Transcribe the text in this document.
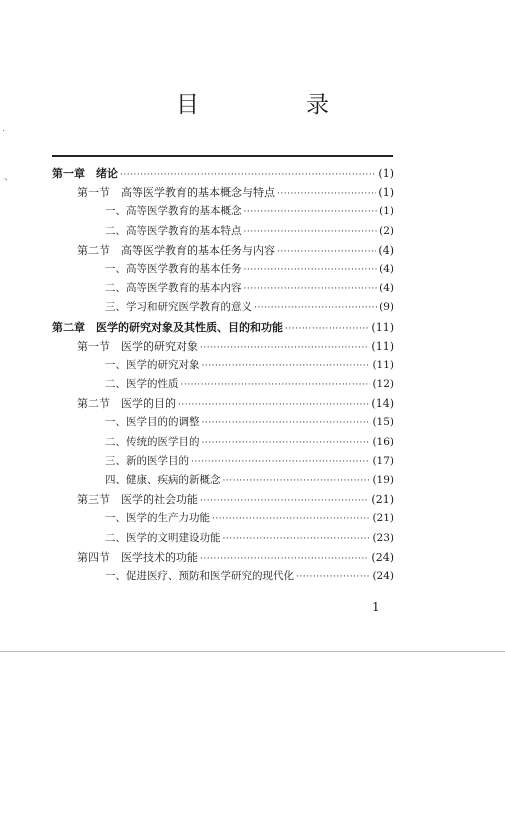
目　录
第一章　绪论 ·····	(1)
第一节　高等医学教育的基本概念与特点 ·····	(1)
一、高等医学教育的基本概念 ·····	(1)
二、高等医学教育的基本特点 ·····	(2)
第二节　高等医学教育的基本任务与内容 ·····	(4)
一、高等医学教育的基本任务 ·····	(4)
二、高等医学教育的基本内容 ·····	(4)
三、学习和研究医学教育的意义 ·····	(9)
第二章　医学的研究对象及其性质、目的和功能 ·····	(11)
第一节　医学的研究对象 ·····	(11)
一、医学的研究对象 ·····	(11)
二、医学的性质 ·····	(12)
第二节　医学的目的 ·····	(14)
一、医学目的的调整 ·····	(15)
二、传统的医学目的 ·····	(16)
三、新的医学目的 ·····	(17)
四、健康、疾病的新概念 ·····	(19)
第三节　医学的社会功能 ·····	(21)
一、医学的生产力功能 ·····	(21)
二、医学的文明建设功能 ·····	(23)
第四节　医学技术的功能 ·····	(24)
一、促进医疗、预防和医学研究的现代化 ·····	(24)
1
·
、
